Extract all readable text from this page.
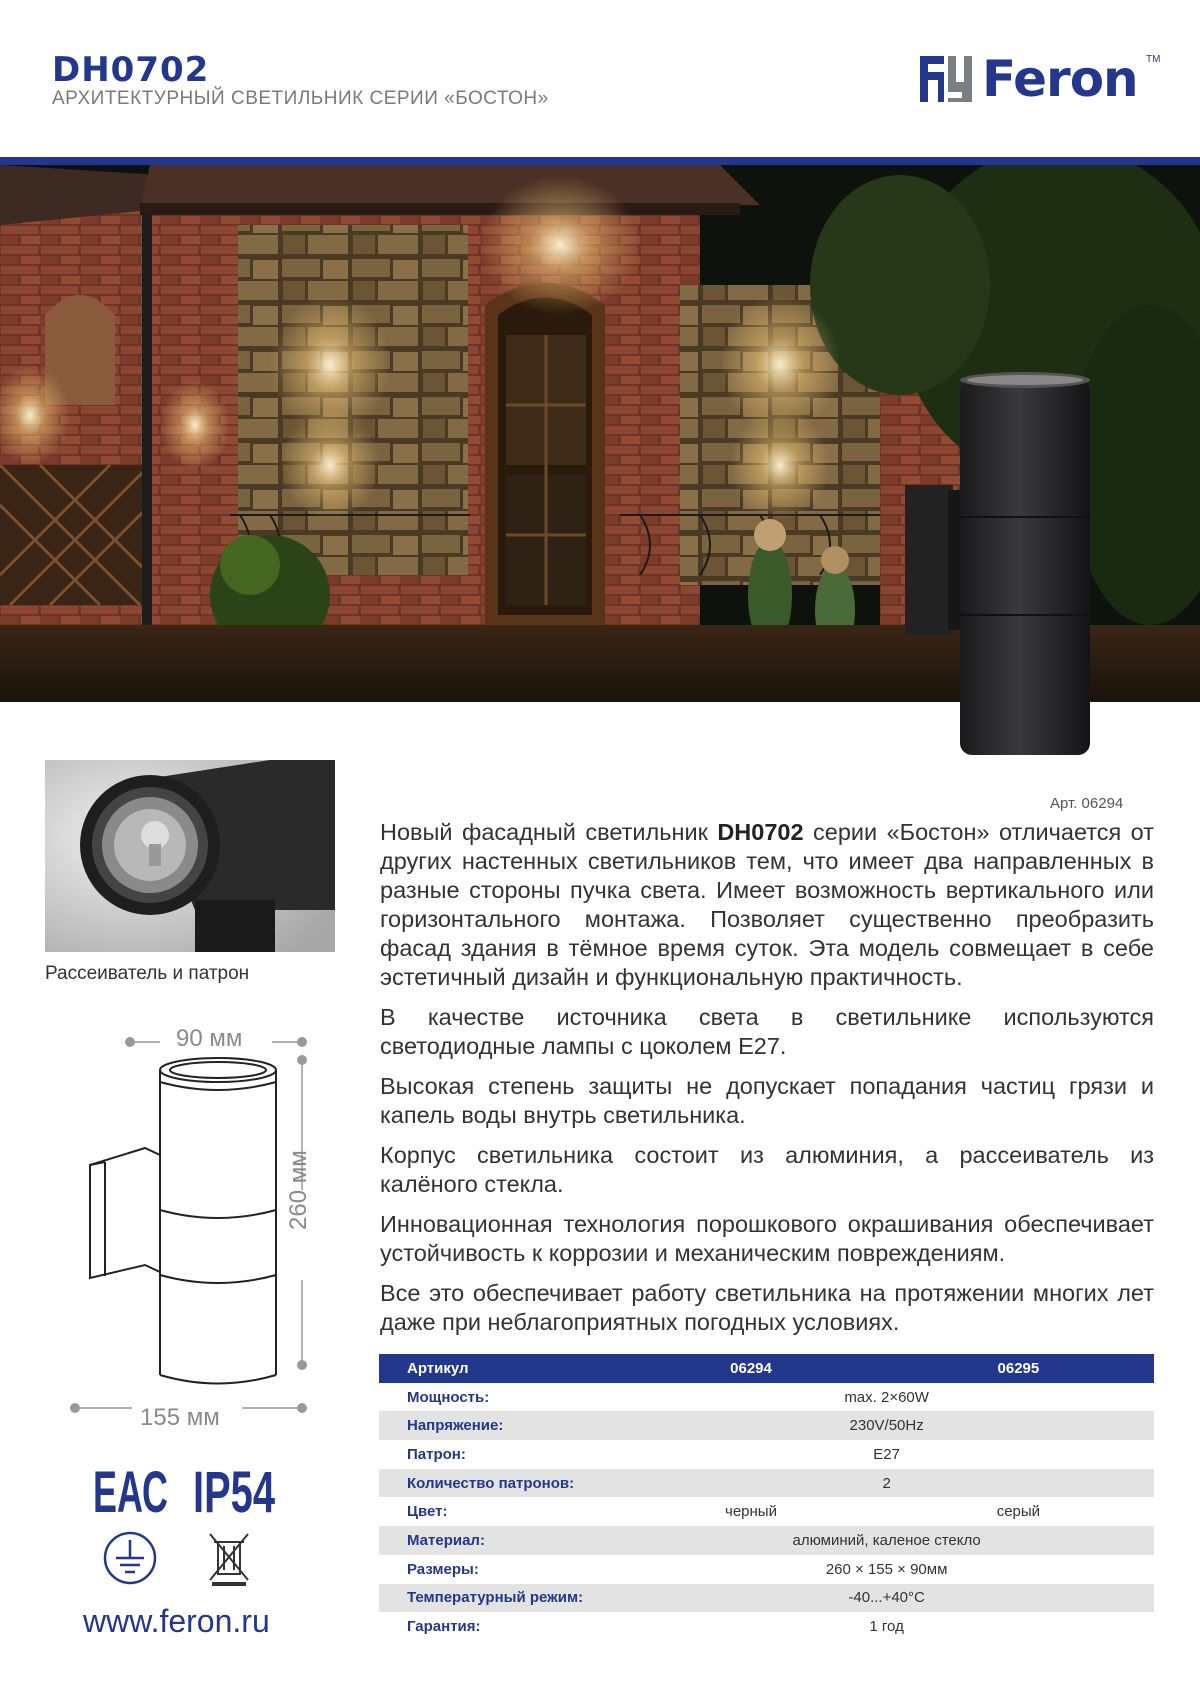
DH0702
АРХИТЕКТУРНЫЙ СВЕТИЛЬНИК СЕРИИ «БОСТОН»	Feron TM
Арт. 06294
Рассеиватель и патрон
90 мм
155 мм
260 мм
ЕАС IP54
www.feron.ru

Новый фасадный светильник DH0702 серии «Бостон» отличается от других настенных светильников тем, что имеет два направленных в разные стороны пучка света. Имеет возможность вертикального или горизонтального монтажа. Позволяет существенно преобразить фасад здания в тёмное время суток. Эта модель совмещает в себе эстетичный дизайн и функциональную практичность.

В качестве источника света в светильнике используются светодиодные лампы с цоколем E27.

Высокая степень защиты не допускает попадания частиц грязи и капель воды внутрь светильника.

Корпус светильника состоит из алюминия, а рассеиватель из калёного стекла.

Инновационная технология порошкового окрашивания обеспечивает устойчивость к коррозии и механическим повреждениям.

Все это обеспечивает работу светильника на протяжении многих лет даже при неблагоприятных погодных условиях.

Артикул	06294	06295
Мощность:	max. 2×60W	
Напряжение:	230V/50Hz	
Патрон:	E27	
Количество патронов:	2	
Цвет:	черный	серый
Материал:	алюминий, каленое стекло	
Размеры:	260 × 155 × 90мм	
Температурный режим:	-40...+40°C	
Гарантия:	1 год	
